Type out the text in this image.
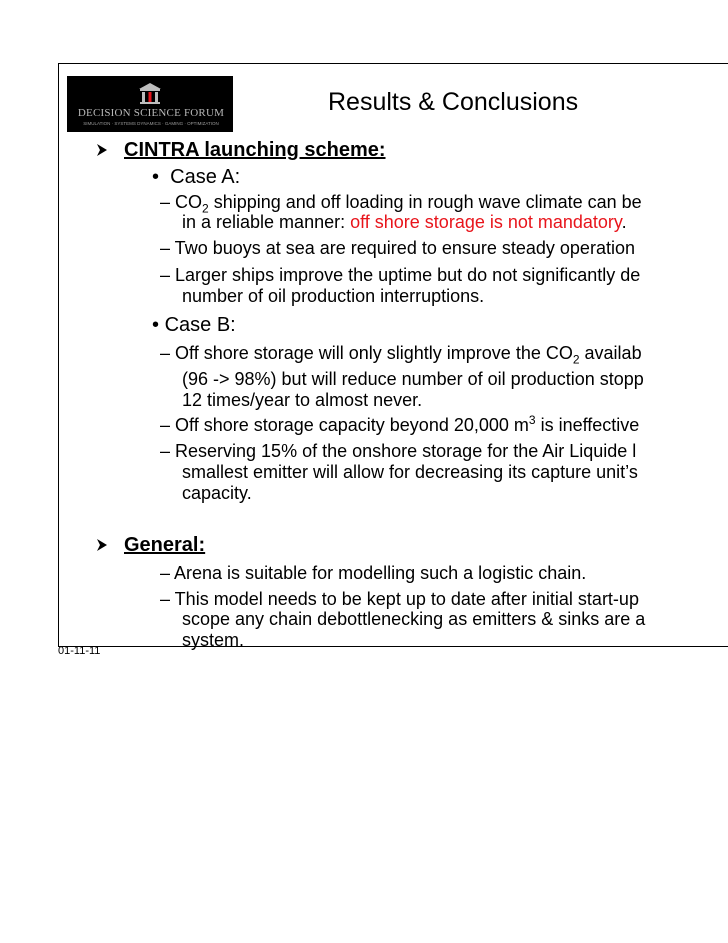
DECISION SCIENCE FORUM
SIMULATION · SYSTEMS DYNAMICS · GAMING · OPTIMIZATION
Results & Conclusions
CINTRA launching scheme:
• Case A:
– $CO_2$ shipping and off loading in rough wave climate can be
in a reliable manner: off shore storage is not mandatory.
– Two buoys at sea are required to ensure steady operation
– Larger ships improve the uptime but do not significantly de
number of oil production interruptions.
• Case B:
– Off shore storage will only slightly improve the $CO_2$ availab
(96 -> 98%) but will reduce number of oil production stopp
12 times/year to almost never.
– Off shore storage capacity beyond 20,000 $m^3$ is ineffective
– Reserving 15% of the onshore storage for the Air Liquide l
smallest emitter will allow for decreasing its capture unit’s
capacity.
General:
– Arena is suitable for modelling such a logistic chain.
– This model needs to be kept up to date after initial start-up
scope any chain debottlenecking as emitters & sinks are a
system.
01-11-11
